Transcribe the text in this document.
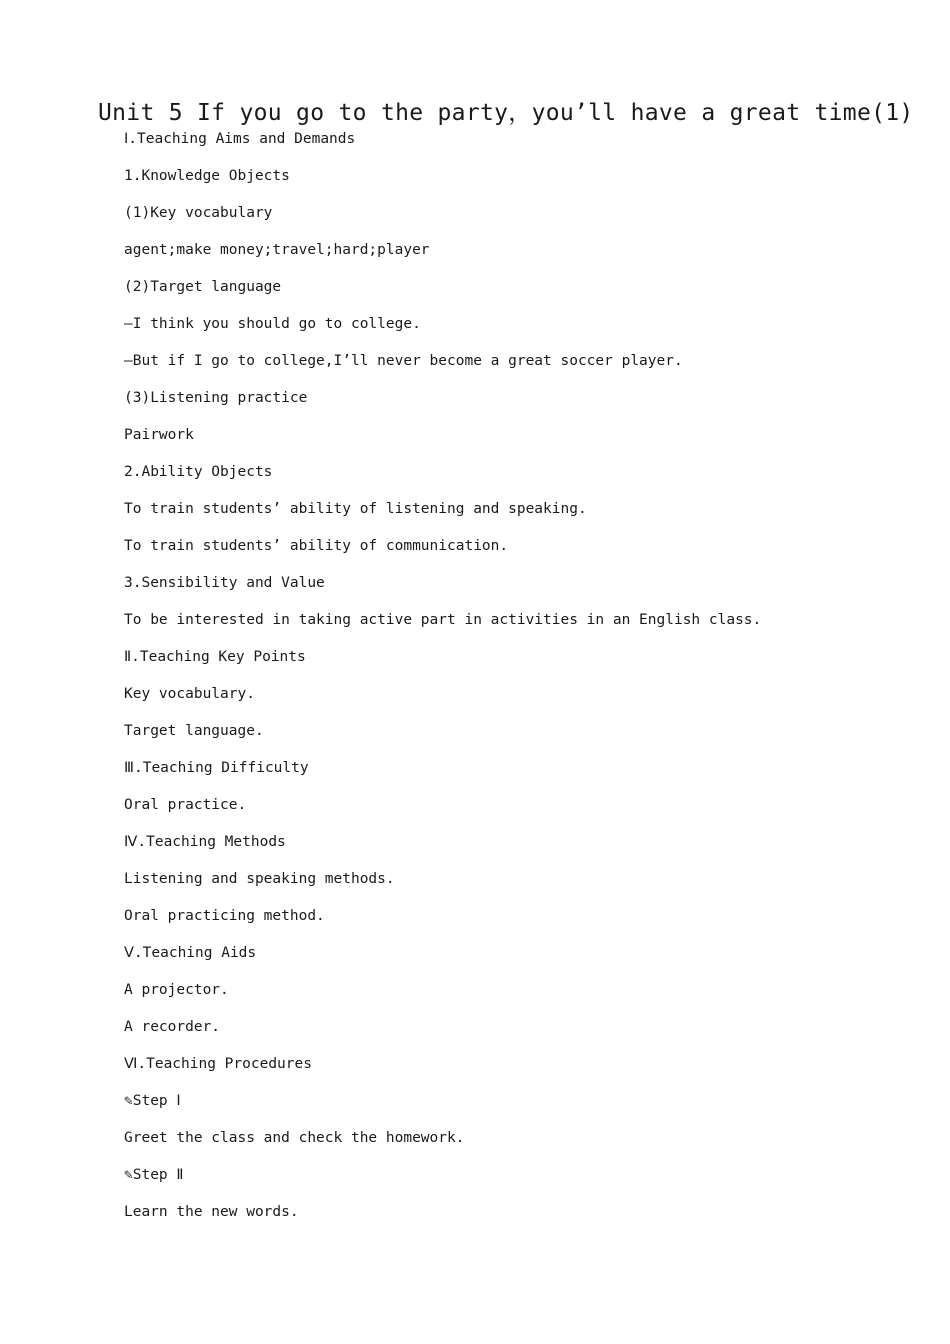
Unit 5 If you go to the party，you’ll have a great time(1)
Ⅰ.Teaching Aims and Demands
1.Knowledge Objects
(1)Key vocabulary
agent;make money;travel;hard;player
(2)Target language
—I think you should go to college.
—But if I go to college,I’ll never become a great soccer player.
(3)Listening practice
Pairwork
2.Ability Objects
To train students’ ability of listening and speaking.
To train students’ ability of communication.
3.Sensibility and Value
To be interested in taking active part in activities in an English class.
Ⅱ.Teaching Key Points
Key vocabulary.
Target language.
Ⅲ.Teaching Difficulty
Oral practice.
Ⅳ.Teaching Methods
Listening and speaking methods.
Oral practicing method.
Ⅴ.Teaching Aids
A projector.
A recorder.
Ⅵ.Teaching Procedures
✎Step Ⅰ
Greet the class and check the homework.
✎Step Ⅱ
Learn the new words.
